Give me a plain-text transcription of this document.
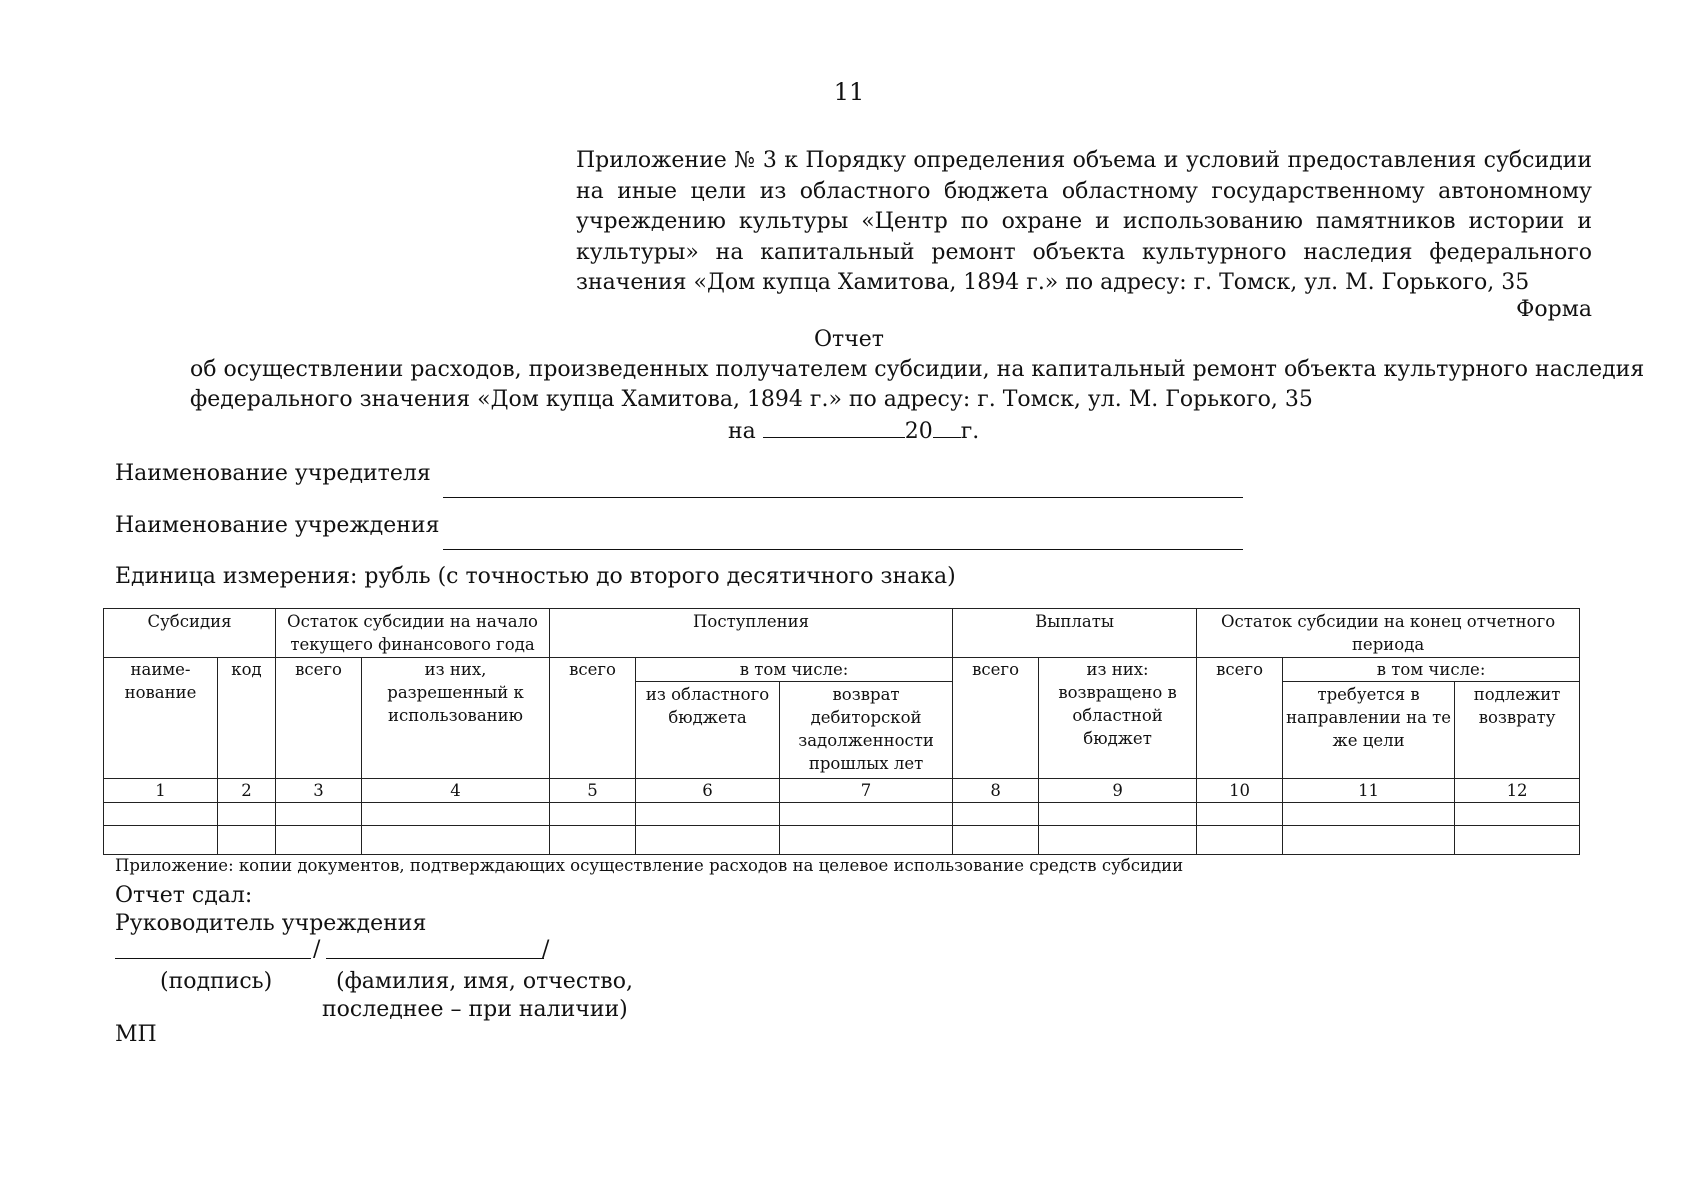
11
Приложение № 3 к Порядку определения объема и условий предоставления субсидии на иные цели из областного бюджета областному государственному автономному учреждению культуры «Центр по охране и использованию памятников истории и культуры» на капитальный ремонт объекта культурного наследия федерального значения «Дом купца Хамитова, 1894 г.» по адресу: г. Томск, ул. М. Горького, 35
Форма
Отчет
об осуществлении расходов, произведенных получателем субсидии, на капитальный ремонт объекта культурного наследия
федерального значения «Дом купца Хамитова, 1894 г.» по адресу: г. Томск, ул. М. Горького, 35
на	20 г.
Наименование учредителя
Наименование учреждения
Единица измерения: рубль (с точностью до второго десятичного знака)
Субсидия		Остаток субсидии на начало текущего финансового года		Поступления			Выплаты		Остаток субсидии на конец отчетного периода		
наиме-нование	код	всего	из них, разрешенный к использованию	всего	в том числе:		всего	из них: возвращено в областной бюджет	всего	в том числе:	
					из областного бюджета	возврат дебиторской задолженности прошлых лет				требуется в направлении на те же цели	подлежит возврату
1	2	3	4	5	6	7	8	9	10	11	12

Приложение: копии документов, подтверждающих осуществление расходов на целевое использование средств субсидии
Отчет сдал:
Руководитель учреждения
/	/
(подпись)	(фамилия, имя, отчество,
последнее – при наличии)
МП
